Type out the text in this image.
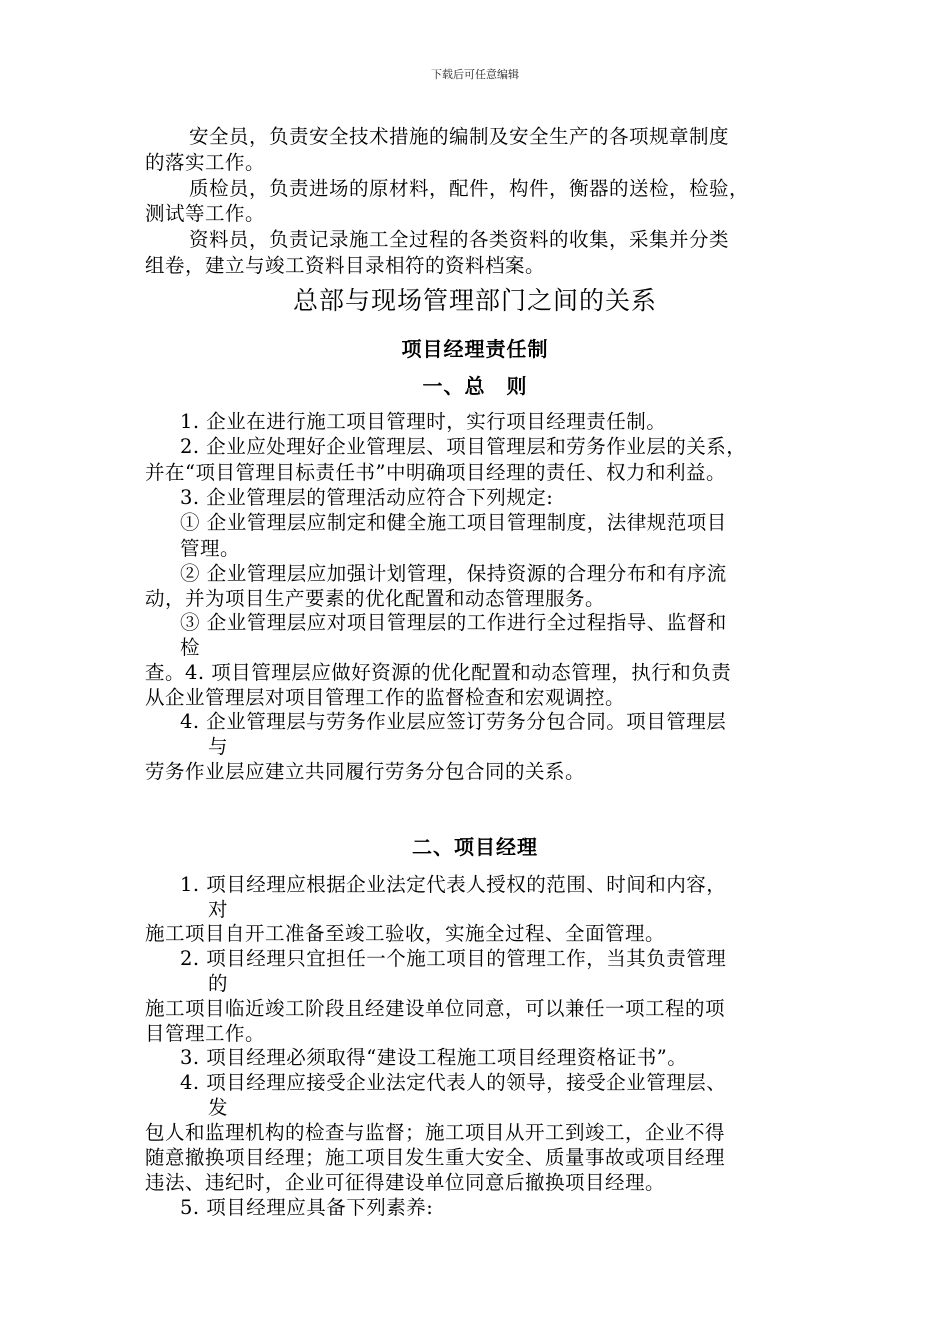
下载后可任意编辑
安全员，负责安全技术措施的编制及安全生产的各项规章制度
的落实工作。
质检员，负责进场的原材料，配件，构件，衡器的送检，检验，
测试等工作。
资料员，负责记录施工全过程的各类资料的收集，采集并分类
组卷，建立与竣工资料目录相符的资料档案。
总部与现场管理部门之间的关系
项目经理责任制
一、总　则
1. 企业在进行施工项目管理时，实行项目经理责任制。
2. 企业应处理好企业管理层、项目管理层和劳务作业层的关系，
并在“项目管理目标责任书”中明确项目经理的责任、权力和利益。
3. 企业管理层的管理活动应符合下列规定:
① 企业管理层应制定和健全施工项目管理制度，法律规范项目
管理。
② 企业管理层应加强计划管理，保持资源的合理分布和有序流
动，并为项目生产要素的优化配置和动态管理服务。
③ 企业管理层应对项目管理层的工作进行全过程指导、监督和
检
查。4. 项目管理层应做好资源的优化配置和动态管理，执行和负责
从企业管理层对项目管理工作的监督检查和宏观调控。
4. 企业管理层与劳务作业层应签订劳务分包合同。项目管理层
与
劳务作业层应建立共同履行劳务分包合同的关系。
二、项目经理
1. 项目经理应根据企业法定代表人授权的范围、时间和内容，
对
施工项目自开工准备至竣工验收，实施全过程、全面管理。
2. 项目经理只宜担任一个施工项目的管理工作，当其负责管理
的
施工项目临近竣工阶段且经建设单位同意，可以兼任一项工程的项
目管理工作。
3. 项目经理必须取得“建设工程施工项目经理资格证书”。
4. 项目经理应接受企业法定代表人的领导，接受企业管理层、
发
包人和监理机构的检查与监督；施工项目从开工到竣工，企业不得
随意撤换项目经理；施工项目发生重大安全、质量事故或项目经理
违法、违纪时，企业可征得建设单位同意后撤换项目经理。
5. 项目经理应具备下列素养:
